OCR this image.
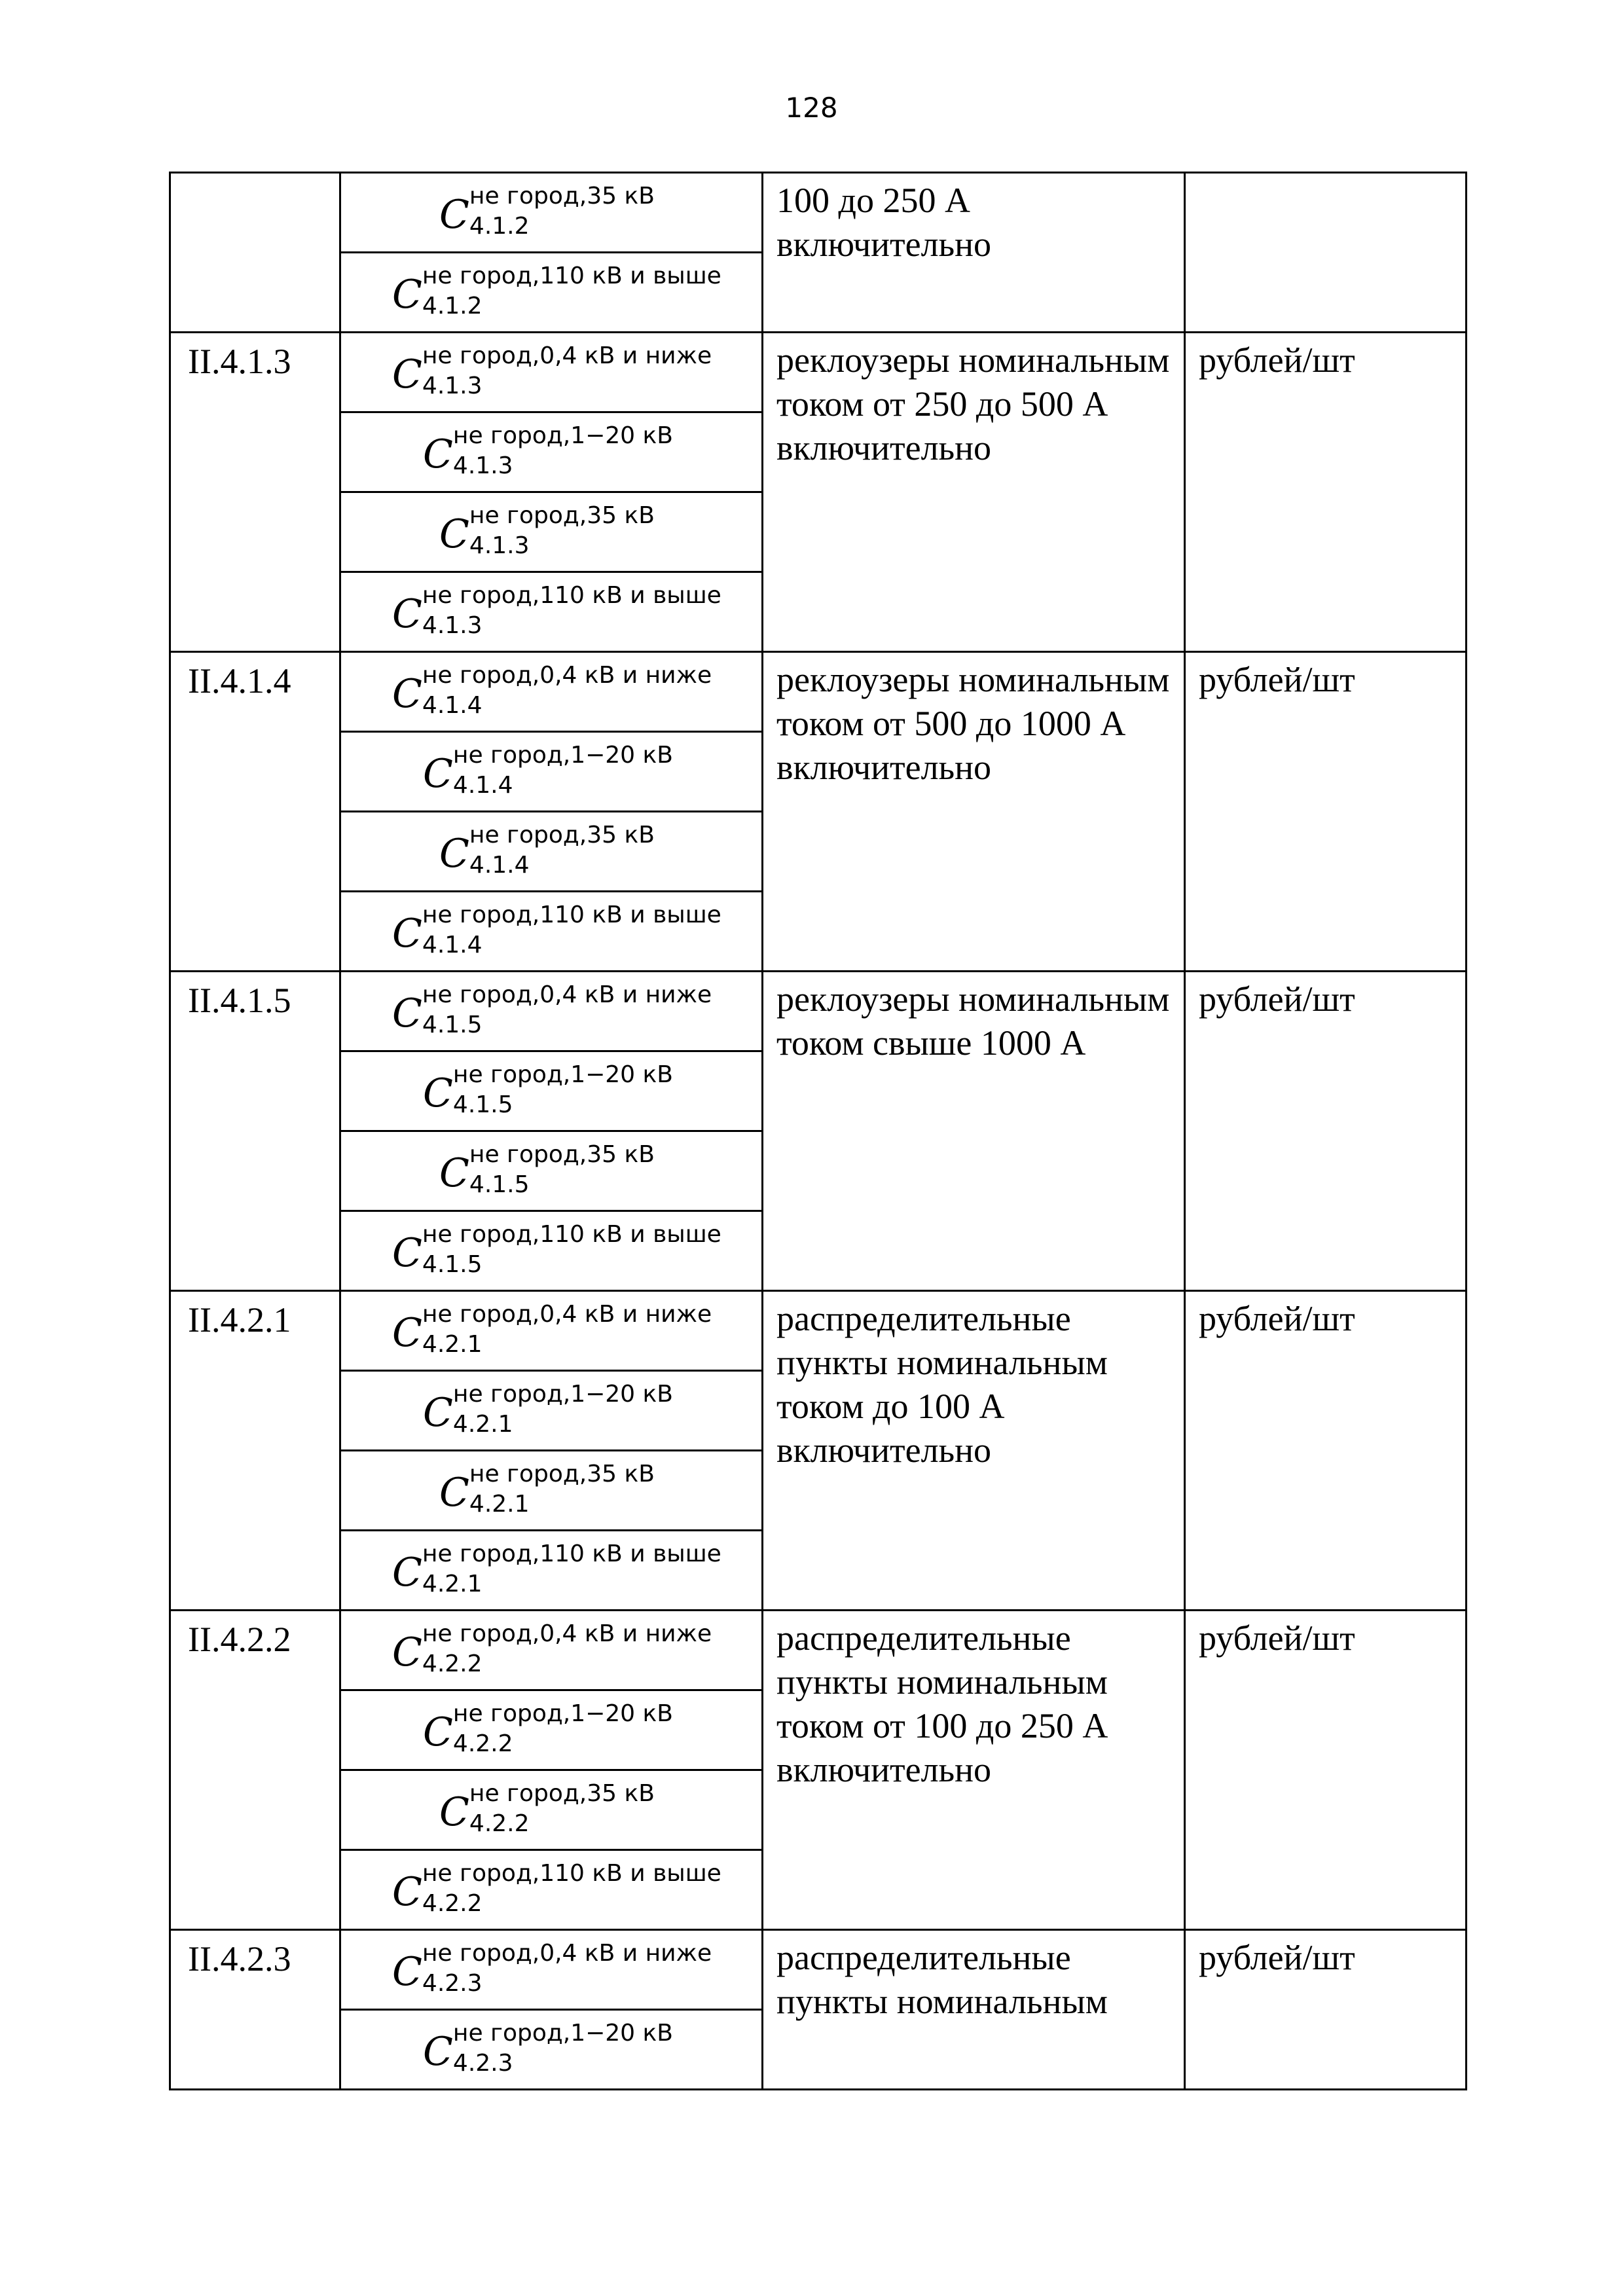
128

	C не город,35 кВ
4.1.2	100 до 250 А включительно	

	C не город,110 кВ и выше
4.1.2		

II.4.1.3	C не город,0,4 кВ и ниже
4.1.3	реклоузеры номинальным током от 250 до 500 А включительно	рублей/шт

	C не город,1−20 кВ
4.1.3		

	C не город,35 кВ
4.1.3		

	C не город,110 кВ и выше
4.1.3		

II.4.1.4	C не город,0,4 кВ и ниже
4.1.4	реклоузеры номинальным током от 500 до 1000 А включительно	рублей/шт

	C не город,1−20 кВ
4.1.4		

	C не город,35 кВ
4.1.4		

	C не город,110 кВ и выше
4.1.4		

II.4.1.5	C не город,0,4 кВ и ниже
4.1.5	реклоузеры номинальным током свыше 1000 А	рублей/шт

	C не город,1−20 кВ
4.1.5		

	C не город,35 кВ
4.1.5		

	C не город,110 кВ и выше
4.1.5		

II.4.2.1	C не город,0,4 кВ и ниже
4.2.1	распределительные пункты номинальным током до 100 А включительно	рублей/шт

	C не город,1−20 кВ
4.2.1		

	C не город,35 кВ
4.2.1		

	C не город,110 кВ и выше
4.2.1		

II.4.2.2	C не город,0,4 кВ и ниже
4.2.2	распределительные пункты номинальным током от 100 до 250 А включительно	рублей/шт

	C не город,1−20 кВ
4.2.2		

	C не город,35 кВ
4.2.2		

	C не город,110 кВ и выше
4.2.2		

II.4.2.3	C не город,0,4 кВ и ниже
4.2.3	распределительные пункты номинальным	рублей/шт

	C не город,1−20 кВ
4.2.3		
